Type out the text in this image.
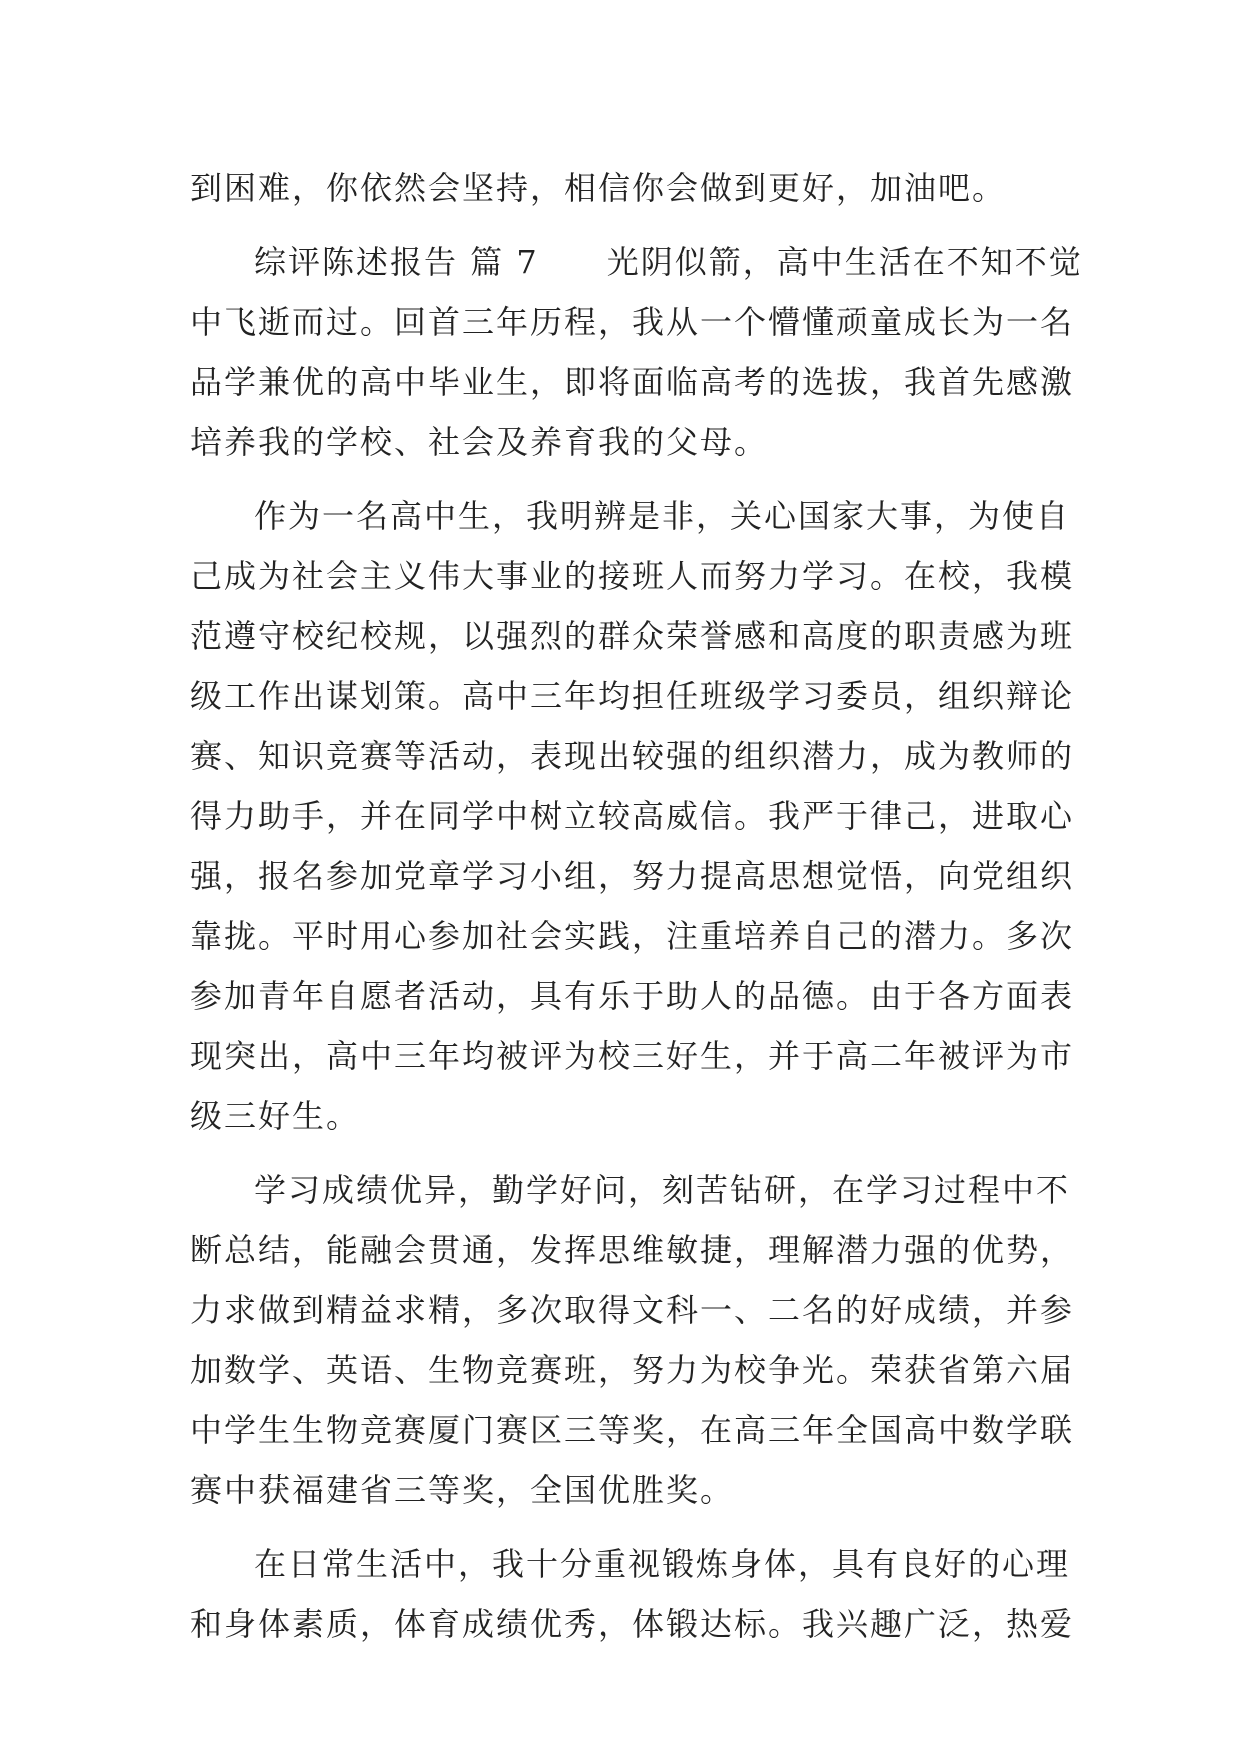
到困难，你依然会坚持，相信你会做到更好，加油吧。
综评陈述报告 篇 7　　光阴似箭，高中生活在不知不觉
中飞逝而过。回首三年历程，我从一个懵懂顽童成长为一名
品学兼优的高中毕业生，即将面临高考的选拔，我首先感激
培养我的学校、社会及养育我的父母。
作为一名高中生，我明辨是非，关心国家大事，为使自
己成为社会主义伟大事业的接班人而努力学习。在校，我模
范遵守校纪校规，以强烈的群众荣誉感和高度的职责感为班
级工作出谋划策。高中三年均担任班级学习委员，组织辩论
赛、知识竞赛等活动，表现出较强的组织潜力，成为教师的
得力助手，并在同学中树立较高威信。我严于律己，进取心
强，报名参加党章学习小组，努力提高思想觉悟，向党组织
靠拢。平时用心参加社会实践，注重培养自己的潜力。多次
参加青年自愿者活动，具有乐于助人的品德。由于各方面表
现突出，高中三年均被评为校三好生，并于高二年被评为市
级三好生。
学习成绩优异，勤学好问，刻苦钻研，在学习过程中不
断总结，能融会贯通，发挥思维敏捷，理解潜力强的优势，
力求做到精益求精，多次取得文科一、二名的好成绩，并参
加数学、英语、生物竞赛班，努力为校争光。荣获省第六届
中学生生物竞赛厦门赛区三等奖，在高三年全国高中数学联
赛中获福建省三等奖，全国优胜奖。
在日常生活中，我十分重视锻炼身体，具有良好的心理
和身体素质，体育成绩优秀，体锻达标。我兴趣广泛，热爱
